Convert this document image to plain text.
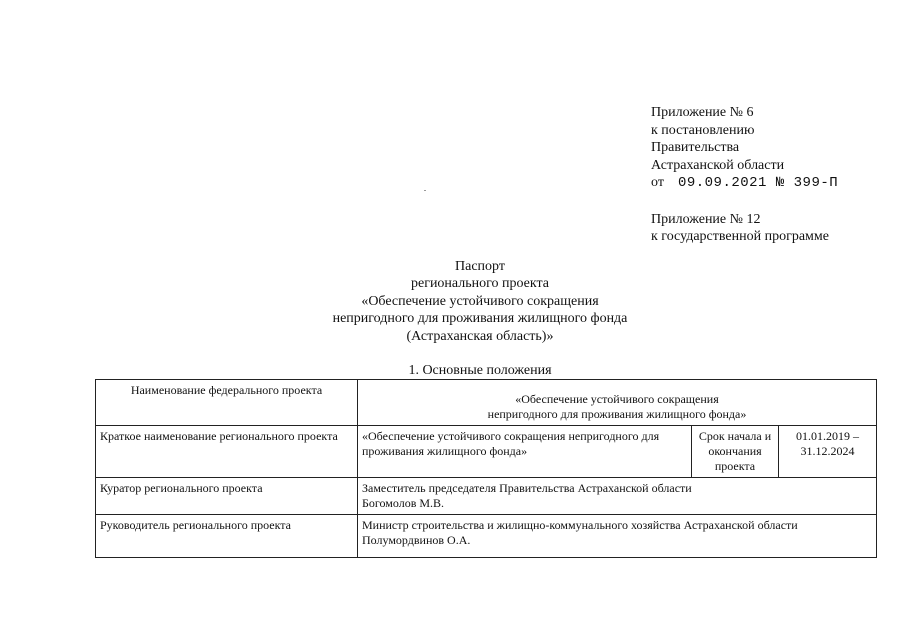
Приложение № 6
к постановлению
Правительства
Астраханской области
от 09.09.2021 № 399-П
Приложение № 12
к государственной программе
Паспорт
регионального проекта
«Обеспечение устойчивого сокращения
непригодного для проживания жилищного фонда
(Астраханская область)»
1. Основные положения
Наименование федерального проекта	«Обеспечение устойчивого сокращения
непригодного для проживания жилищного фонда»		

Краткое наименование регионального проекта	«Обеспечение устойчивого сокращения непригодного для проживания жилищного фонда»	Срок начала и окончания проекта	01.01.2019 – 31.12.2024
Куратор регионального проекта	Заместитель председателя Правительства Астраханской области
Богомолов М.В.		

Руководитель регионального проекта	Министр строительства и жилищно-коммунального хозяйства Астраханской области
Полумордвинов О.А.		
